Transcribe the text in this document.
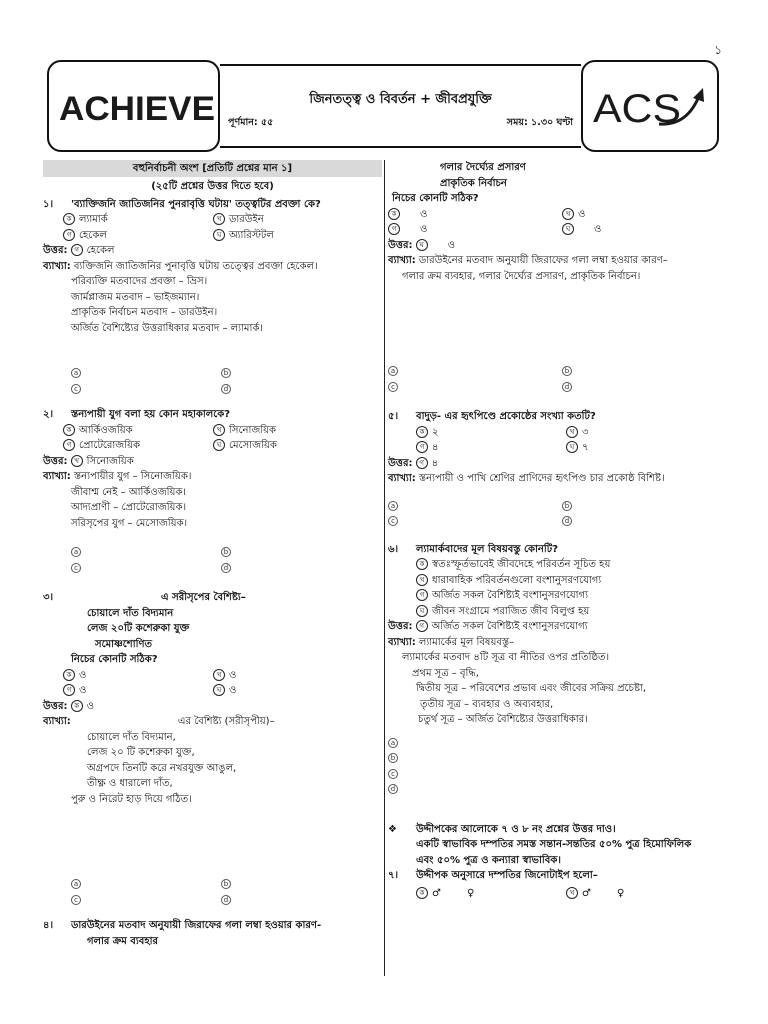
১
জিনতত্ত্ব ও বিবর্তন + জীবপ্রযুক্তি
পূর্ণমান: ৫৫	সময়: ১.৩০ ঘণ্টা
ACHIEVE	ACS
বহুনির্বাচনী অংশ [প্রতিটি প্রশ্নের মান ১]
(২৫টি প্রশ্নের উত্তর দিতে হবে)
১। 'ব্যাক্তিজনি জাতিজনির পুনরাবৃত্তি ঘটায়' তত্ত্বটির প্রবক্তা কে?
ক ল্যামার্ক	খ ডারউইন
গ হেকেল	ঘ অ্যারিস্টটল
উত্তর: গ হেকেল
ব্যাখ্যা: ব্যক্তিজনি জাতিজনির পুনাবৃত্তি ঘটায় তত্ত্বের প্রবক্তা হেকেল।
পরিব্যক্তি মতবাদের প্রবক্তা – ভ্রিস।
জার্মপ্লাজম মতবাদ – ভাইজম্যান।
প্রাকৃতিক নির্বাচন মতবাদ – ডারউইন।
অর্জিত বৈশিষ্ট্যের উত্তরাধিকার মতবাদ – ল্যামার্ক।
a	b
c	d
২। স্তন্যপায়ী যুগ বলা হয় কোন মহাকালকে?
ক আর্কিওজয়িক	খ সিনোজয়িক
গ প্রোটেরোজয়িক	ঘ মেসোজয়িক
উত্তর: খ সিনোজয়িক
ব্যাখ্যা: স্তন্যপায়ীর যুগ – সিনোজয়িক।
জীবাশ্ম নেই – আর্কিওজয়িক।
আদ্যপ্রাণী – প্রোটেরোজয়িক।
সরিসৃপের যুগ – মেসোজয়িক।
a	b
c	d
৩।	এ সরীসৃপের বৈশিষ্ট্য–
চোয়ালে দাঁত বিদ্যমান
লেজ ২০টি কশেরুকা যুক্ত
সমোষ্ণশোণিত
নিচের কোনটি সঠিক?
ক ও	খ ও
গ ও	ঘ ও
উত্তর: ক ও
ব্যাখ্যা:	এর বৈশিষ্ট্য (সরীসৃপীয়)–
চোয়ালে দাঁত বিদ্যমান,
লেজ ২০ টি কশেরুকা যুক্ত,
অগ্রপদে তিনটি করে নখরযুক্ত আঙুল,
তীক্ষ্ণ ও ধারালো দাঁত,
পুরু ও নিরেট হাড় দিয়ে গঠিত।
a	b
c	d
৪। ডারউইনের মতবাদ অনুযায়ী জিরাফের গলা লম্বা হওয়ার কারণ-
গলার ক্রম ব্যবহার
গলার দৈর্ঘ্যের প্রসারণ
প্রাকৃতিক নির্বাচন
নিচের কোনটি সঠিক?
ক ও	খ ও
গ ও	ঘ ও
উত্তর: ঘ ও
ব্যাখ্যা: ডারউইনের মতবাদ অনুযায়ী জিরাফের গলা লম্বা হওয়ার কারণ–
গলার ক্রম ব্যবহার, গলার দৈর্ঘ্যের প্রসারণ, প্রাকৃতিক নির্বাচন।
a	b
c	d
৫। বাদুড়- এর হৃৎপিণ্ডে প্রকোষ্ঠের সংখ্যা কতটি?
ক ২	খ ৩
গ ৪	ঘ ৭
উত্তর: গ ৪
ব্যাখ্যা: স্তন্যপায়ী ও পাখি শ্রেণির প্রাণিদের হৃৎপিণ্ড চার প্রকোষ্ঠ বিশিষ্ট।
a	b
c	d
৬। ল্যামার্কবাদের মূল বিষয়বস্তু কোনটি?
ক স্বতঃস্ফূর্তভাবেই জীবদেহে পরিবর্তন সূচিত হয়
খ ধারাবাহিক পরিবর্তনগুলো বংশানুসরণযোগ্য
গ অর্জিত সকল বৈশিষ্ট্যই বংশানুসরণযোগ্য
ঘ জীবন সংগ্রামে পরাজিত জীব বিলুপ্ত হয়
উত্তর: গ অর্জিত সকল বৈশিষ্ট্যই বংশানুসরণযোগ্য
ব্যাখ্যা: ল্যামার্কের মূল বিষয়বস্তু–
ল্যামার্কের মতবাদ ৪টি সূত্র বা নীতির ওপর প্রতিষ্ঠিত।
প্রথম সূত্র – বৃদ্ধি,
দ্বিতীয় সূত্র – পরিবেশের প্রভাব এবং জীবের সক্রিয় প্রচেষ্টা,
তৃতীয় সূত্র – ব্যবহার ও অব্যবহার,
চতুর্থ সূত্র – অর্জিত বৈশিষ্ট্যের উত্তরাধিকার।
a
b
c
d
❖ উদ্দীপকের আলোকে ৭ ও ৮ নং প্রশ্নের উত্তর দাও।
একটি স্বাভাবিক দম্পতির সমস্ত সন্তান-সন্ততির ৫০% পুত্র হিমোফিলিক
এবং ৫০% পুত্র ও কন্যারা স্বাভাবিক।
৭। উদ্দীপক অনুসারে দম্পতির জিনোটাইপ হলো–
ক ♂	♀	খ ♂	♀
